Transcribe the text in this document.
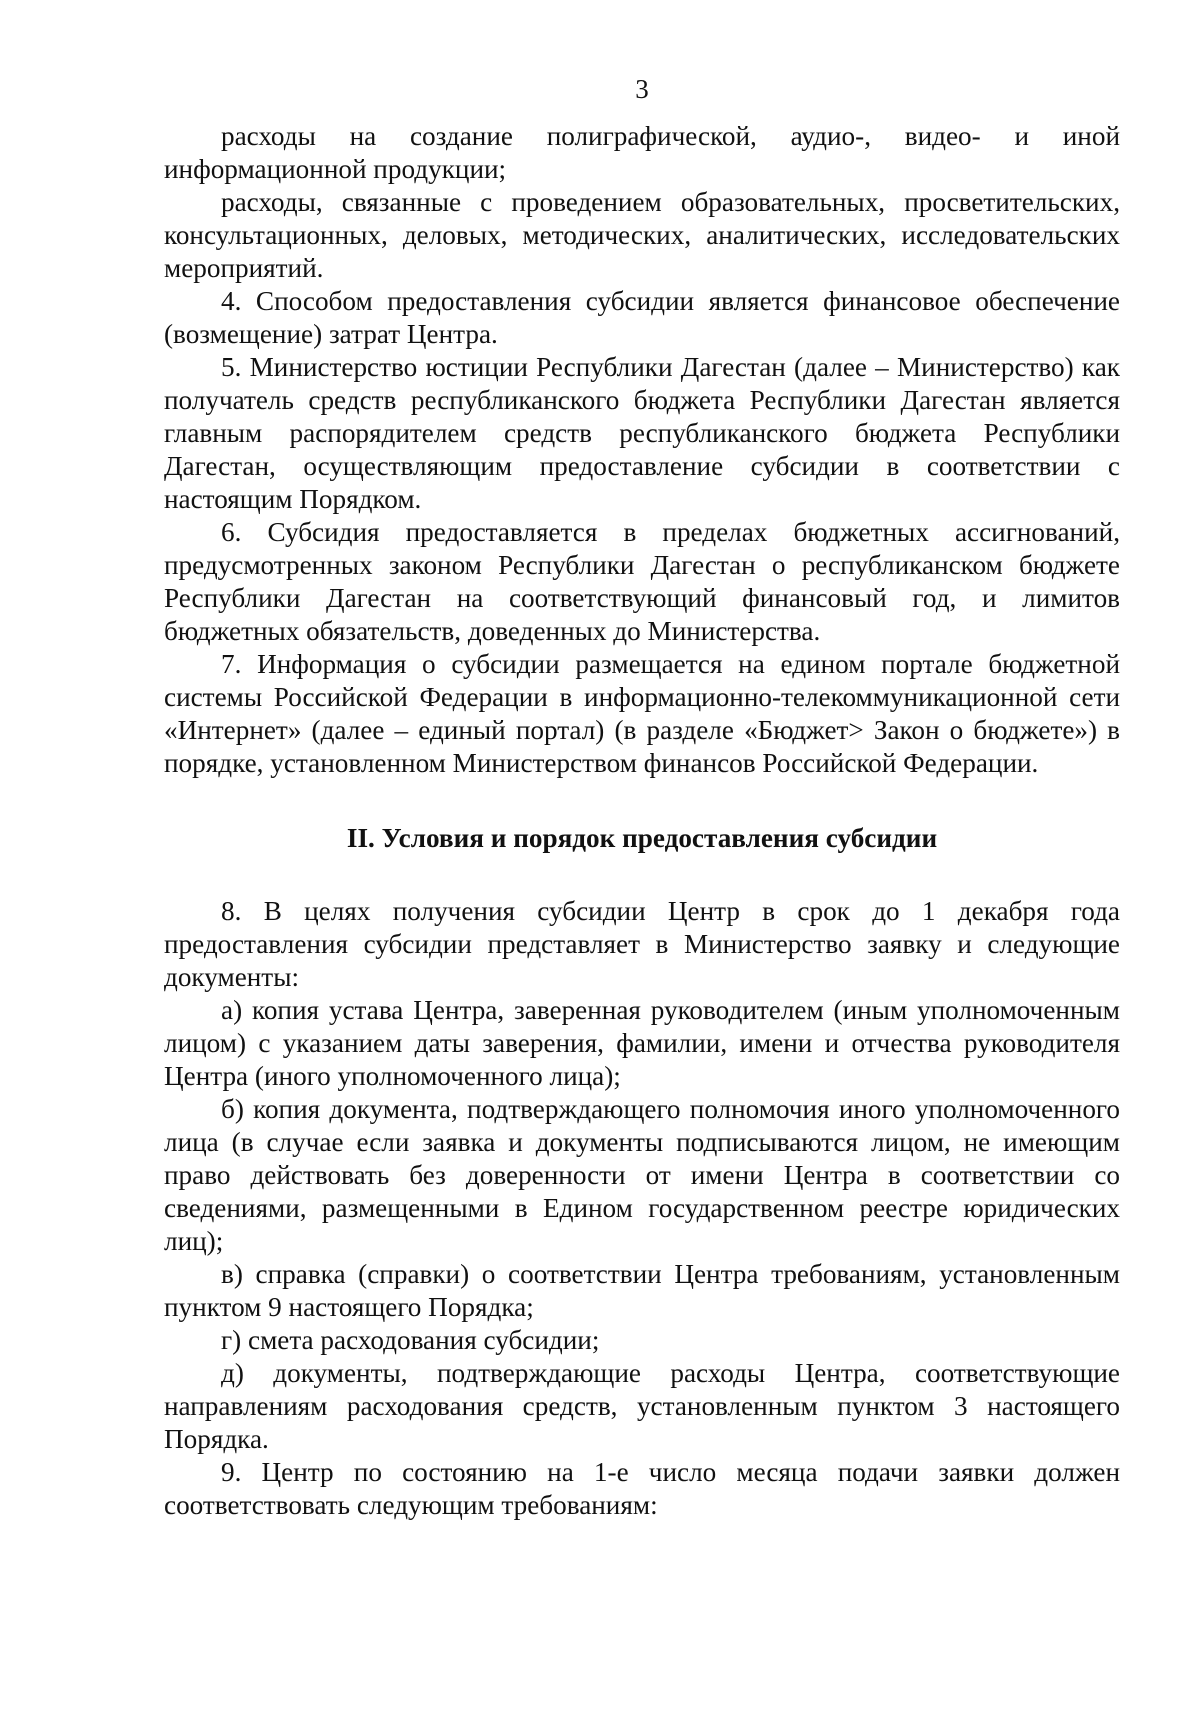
3

расходы на создание полиграфической, аудио-, видео- и иной информационной продукции;

расходы, связанные с проведением образовательных, просветительских, консультационных, деловых, методических, аналитических, исследовательских мероприятий.

4. Способом предоставления субсидии является финансовое обеспечение (возмещение) затрат Центра.

5. Министерство юстиции Республики Дагестан (далее – Министерство) как получатель средств республиканского бюджета Республики Дагестан является главным распорядителем средств республиканского бюджета Республики Дагестан, осуществляющим предоставление субсидии в соответствии с настоящим Порядком.

6. Субсидия предоставляется в пределах бюджетных ассигнований, предусмотренных законом Республики Дагестан о республиканском бюджете Республики Дагестан на соответствующий финансовый год, и лимитов бюджетных обязательств, доведенных до Министерства.

7. Информация о субсидии размещается на едином портале бюджетной системы Российской Федерации в информационно-телекоммуникационной сети «Интернет» (далее – единый портал) (в разделе «Бюджет> Закон о бюджете») в порядке, установленном Министерством финансов Российской Федерации.

II. Условия и порядок предоставления субсидии

8. В целях получения субсидии Центр в срок до 1 декабря года предоставления субсидии представляет в Министерство заявку и следующие документы:

а) копия устава Центра, заверенная руководителем (иным уполномоченным лицом) с указанием даты заверения, фамилии, имени и отчества руководителя Центра (иного уполномоченного лица);

б) копия документа, подтверждающего полномочия иного уполномоченного лица (в случае если заявка и документы подписываются лицом, не имеющим право действовать без доверенности от имени Центра в соответствии со сведениями, размещенными в Едином государственном реестре юридических лиц);

в) справка (справки) о соответствии Центра требованиям, установленным пунктом 9 настоящего Порядка;

г) смета расходования субсидии;

д) документы, подтверждающие расходы Центра, соответствующие направлениям расходования средств, установленным пунктом 3 настоящего Порядка.

9. Центр по состоянию на 1-е число месяца подачи заявки должен соответствовать следующим требованиям:
